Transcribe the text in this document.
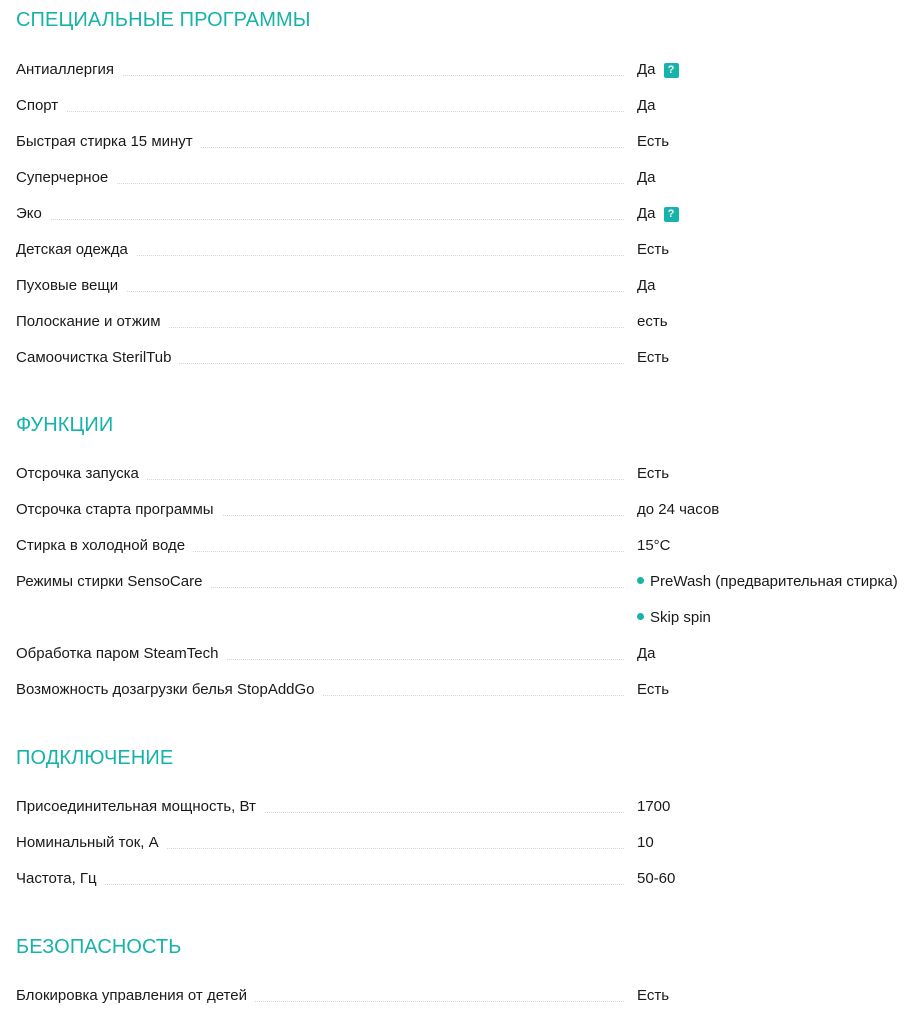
СПЕЦИАЛЬНЫЕ ПРОГРАММЫ
Антиаллергия	Да ?
Спорт	Да
Быстрая стирка 15 минут	Есть
Суперчерное	Да
Эко	Да ?
Детская одежда	Есть
Пуховые вещи	Да
Полоскание и отжим	есть
Самоочистка SterilTub	Есть
ФУНКЦИИ
Отсрочка запуска	Есть
Отсрочка старта программы	до 24 часов
Стирка в холодной воде	15°C
Режимы стирки SensoCare	PreWash (предварительная стирка)
Skip spin
Обработка паром SteamTech	Да
Возможность дозагрузки белья StopAddGo	Есть
ПОДКЛЮЧЕНИЕ
Присоединительная мощность, Вт	1700
Номинальный ток, А	10
Частота, Гц	50-60
БЕЗОПАСНОСТЬ
Блокировка управления от детей	Есть
